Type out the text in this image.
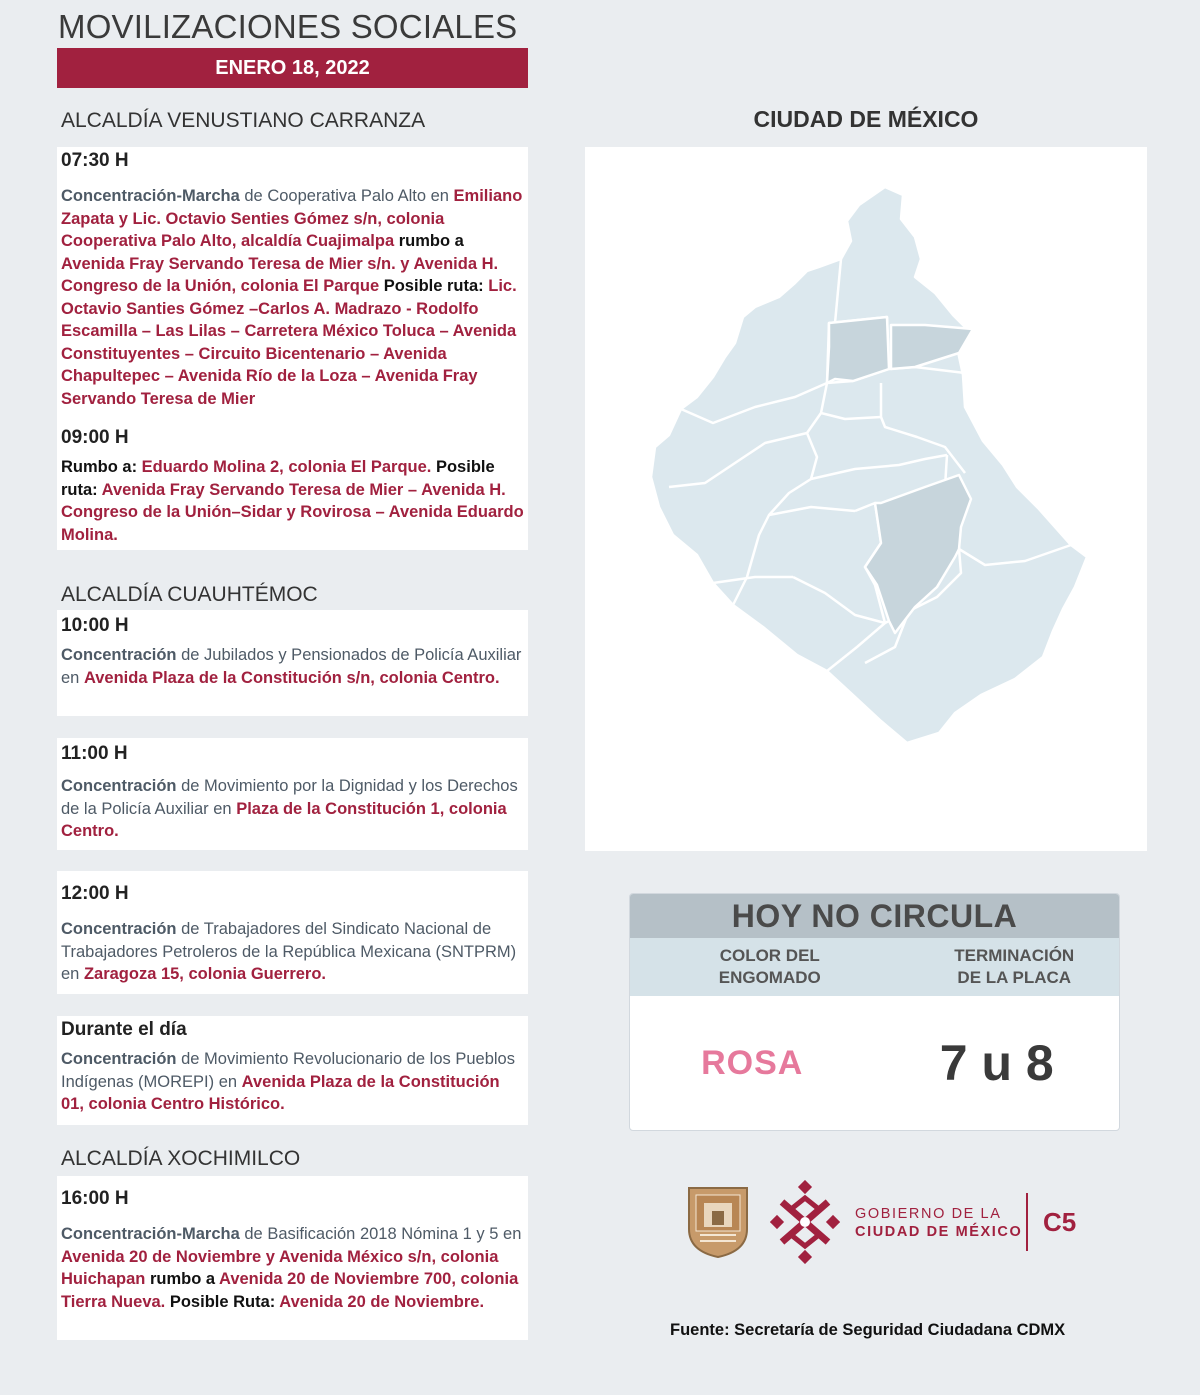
MOVILIZACIONES SOCIALES
ENERO 18, 2022
ALCALDÍA VENUSTIANO CARRANZA
07:30 H
Concentración-Marcha de Cooperativa Palo Alto en Emiliano Zapata y Lic. Octavio Senties Gómez s/n, colonia Cooperativa Palo Alto, alcaldía Cuajimalpa rumbo a Avenida Fray Servando Teresa de Mier s/n. y Avenida H. Congreso de la Unión, colonia El Parque Posible ruta: Lic. Octavio Santies Gómez –Carlos A. Madrazo - Rodolfo Escamilla – Las Lilas – Carretera México Toluca – Avenida Constituyentes – Circuito Bicentenario – Avenida Chapultepec – Avenida Río de la Loza – Avenida Fray Servando Teresa de Mier
09:00 H
Rumbo a: Eduardo Molina 2, colonia El Parque. Posible ruta: Avenida Fray Servando Teresa de Mier – Avenida H. Congreso de la Unión–Sidar y Rovirosa – Avenida Eduardo Molina.
ALCALDÍA CUAUHTÉMOC
10:00 H
Concentración de Jubilados y Pensionados de Policía Auxiliar en Avenida Plaza de la Constitución s/n, colonia Centro.
11:00 H
Concentración de Movimiento por la Dignidad y los Derechos de la Policía Auxiliar en Plaza de la Constitución 1, colonia Centro.
12:00 H
Concentración de Trabajadores del Sindicato Nacional de Trabajadores Petroleros de la República Mexicana (SNTPRM) en Zaragoza 15, colonia Guerrero.
Durante el día
Concentración de Movimiento Revolucionario de los Pueblos Indígenas (MOREPI) en Avenida Plaza de la Constitución 01, colonia Centro Histórico.
ALCALDÍA XOCHIMILCO
16:00 H
Concentración-Marcha de Basificación 2018 Nómina 1 y 5 en Avenida 20 de Noviembre y Avenida México s/n, colonia Huichapan rumbo a Avenida 20 de Noviembre 700, colonia Tierra Nueva. Posible Ruta: Avenida 20 de Noviembre.
CIUDAD DE MÉXICO
HOY NO CIRCULA
COLOR DEL ENGOMADO
TERMINACIÓN DE LA PLACA
ROSA	7 u 8
GOBIERNO DE LA
CIUDAD DE MÉXICO C5
Fuente: Secretaría de Seguridad Ciudadana CDMX
